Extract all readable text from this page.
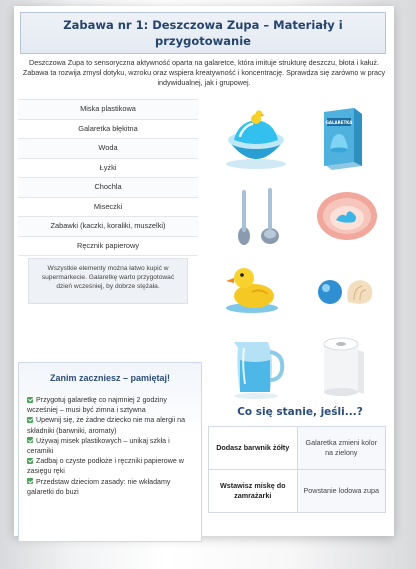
Zabawa nr 1: Deszczowa Zupa – Materiały i przygotowanie
Deszczowa Zupa to sensoryczna aktywność oparta na galaretce, która imituje strukturę deszczu, błota i kałuż. Zabawa ta rozwija zmysł dotyku, wzroku oraz wspiera kreatywność i koncentrację. Sprawdza się zarówno w pracy indywidualnej, jak i grupowej.
Miska plastikowa
Galaretka błękitna
Woda
Łyżki
Chochla
Miseczki
Zabawki (kaczki, koraliki, muszelki)
Ręcznik papierowy
Wszystkie elementy można łatwo kupić w supermarkecie. Galaretkę warto przygotować dzień wcześniej, by dobrze stężała.
GALARETKA
Zanim zaczniesz – pamiętaj!
Przygotuj galaretkę co najmniej 2 godziny wcześniej – musi być zimna i sztywna
Upewnij się, że żadne dziecko nie ma alergii na składniki (barwniki, aromaty)
Używaj misek plastikowych – unikaj szkła i ceramiki
Zadbaj o czyste podłoże i ręczniki papierowe w zasięgu ręki
Przedstaw dzieciom zasady: nie wkładamy galaretki do buzi
Co się stanie, jeśli...?
Dodasz barwnik żółty	Galaretka zmieni kolor na zielony
Wstawisz miskę do zamrażarki	Powstanie lodowa zupa
